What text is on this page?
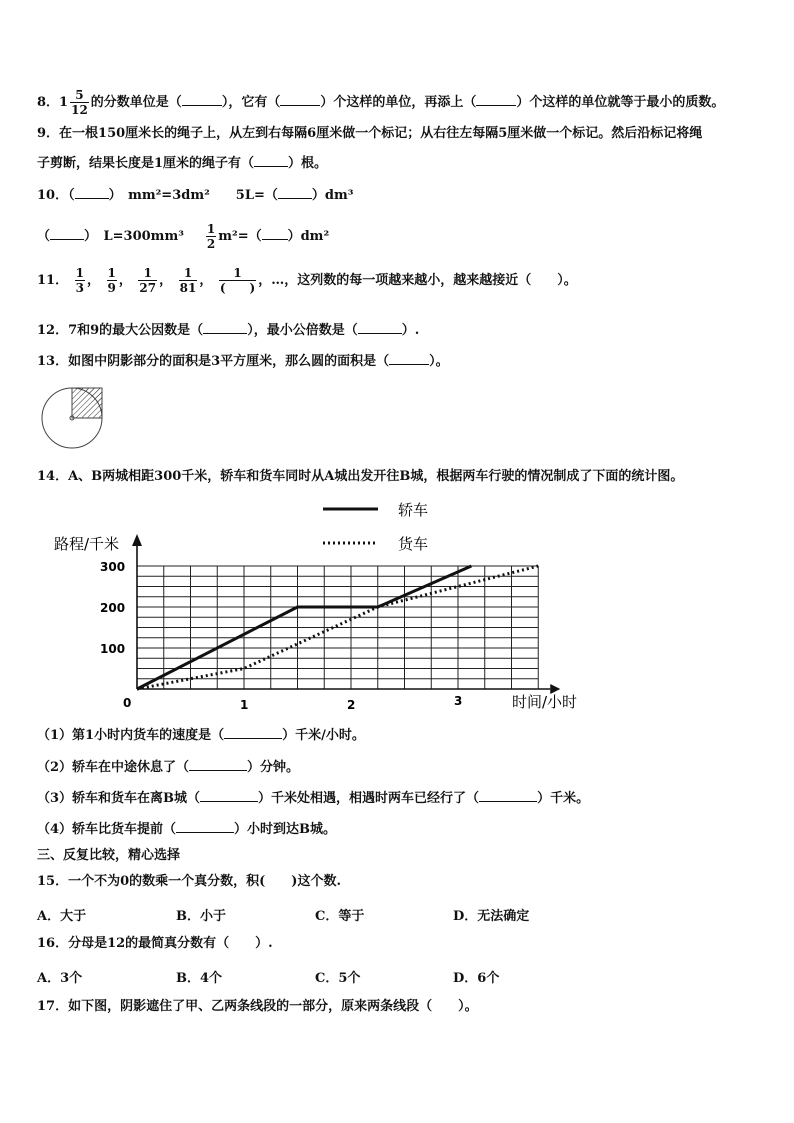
8．$1 \frac{5}{12}$ 的分数单位是（	），它有（	）个这样的单位，再添上（	）个这样的单位就等于最小的质数。
9．在一根150厘米长的绳子上，从左到右每隔6厘米做一个标记；从右往左每隔5厘米做一个标记。然后沿标记将绳
子剪断，结果长度是1厘米的绳子有（	）根。
10．（	）　mm²=3dm² 5L=（	）dm³
（	）　$L=300mm^3 \frac{1}{2} m^2=$（ ）dm²
11． $\frac{1}{3}$ ， $\frac{1}{9}$ ， $\frac{1}{27}$ ， $\frac{1}{81}$ ， $\frac{1}{( )}$ ，…，这列数的每一项越来越小，越来越接近（　　）。
12．7和9的最大公因数是（	），最小公倍数是（	）.
13．如图中阴影部分的面积是3平方厘米，那么圆的面积是（	）。
14．A、B两城相距300千米，轿车和货车同时从A城出发开往B城，根据两车行驶的情况制成了下面的统计图。
0	1	2	3
100
200
300
轿车
货车
路程/千米
时间/小时
（1）第1小时内货车的速度是（	）千米/小时。
（2）轿车在中途休息了（	）分钟。
（3）轿车和货车在离B城（	）千米处相遇，相遇时两车已经行了（	）千米。
（4）轿车比货车提前（	）小时到达B城。
三、反复比较，精心选择
15．一个不为0的数乘一个真分数，积(　　)这个数.
A．大于	B．小于	C．等于	D．无法确定
16．分母是12的最简真分数有（　　）.
A．3个	B．4个	C．5个	D．6个
17．如下图，阴影遮住了甲、乙两条线段的一部分，原来两条线段（　　）。
